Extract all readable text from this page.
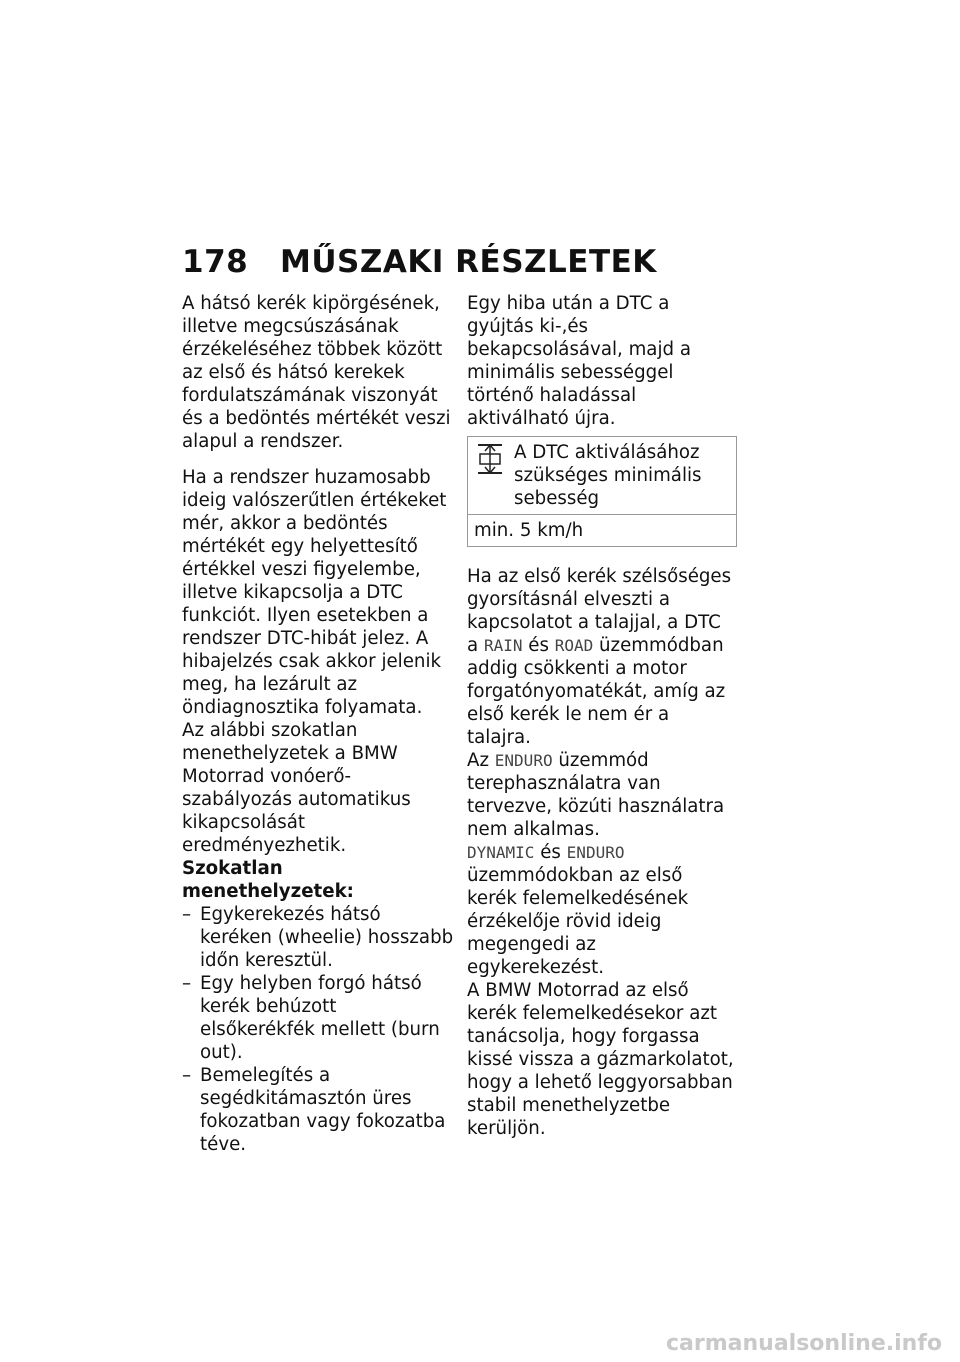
178 MŰSZAKI RÉSZLETEK

A hátsó kerék kipörgésének, illetve megcsúszásának érzékeléséhez többek között az első és hátsó kerekek fordulatszámának viszonyát és a bedöntés mértékét veszi alapul a rendszer.

Ha a rendszer huzamosabb ideig valószerűtlen értékeket mér, akkor a bedöntés mértékét egy helyettesítő értékkel veszi figyelembe, illetve kikapcsolja a DTC funkciót. Ilyen esetekben a rendszer DTC-hibát jelez. A hibajelzés csak akkor jelenik meg, ha lezárult az öndiagnosztika folyamata.

Az alábbi szokatlan menethelyzetek a BMW Motorrad vonóerő-szabályozás automatikus kikapcsolását eredményezhetik.

Szokatlan menethelyzetek:
– Egykerekezés hátsó keréken (wheelie) hosszabb időn keresztül.
– Egy helyben forgó hátsó kerék behúzott elsőkerékfék mellett (burn out).
– Bemelegítés a segédkitámasztón üres fokozatban vagy fokozatba téve.

Egy hiba után a DTC a gyújtás ki-,és bekapcsolásával, majd a minimális sebességgel történő haladással aktiválható újra.

A DTC aktiválásához szükséges minimális sebesség
min. 5 km/h

Ha az első kerék szélsőséges gyorsításnál elveszti a kapcsolatot a talajjal, a DTC a RAIN és ROAD üzemmódban addig csökkenti a motor forgatónyomatékát, amíg az első kerék le nem ér a talajra.

Az ENDURO üzemmód terephasználatra van tervezve, közúti használatra nem alkalmas.

DYNAMIC és ENDURO üzemmódokban az első kerék felemelkedésének érzékelője rövid ideig megengedi az egykerekezést.

A BMW Motorrad az első kerék felemelkedésekor azt tanácsolja, hogy forgassa kissé vissza a gázmarkolatot, hogy a lehető leggyorsabban stabil menethelyzetbe kerüljön.

carmanualsonline.info
